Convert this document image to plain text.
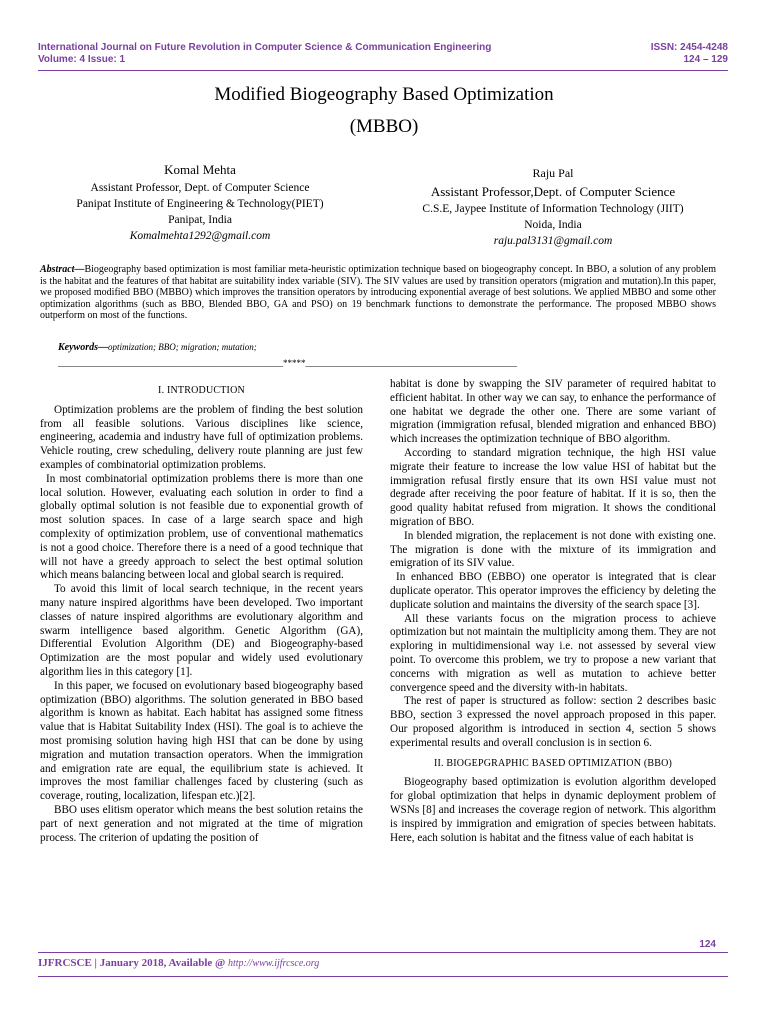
International Journal on Future Revolution in Computer Science & Communication Engineering
Volume: 4 Issue: 1
ISSN: 2454-4248
124 – 129
Modified Biogeography Based Optimization
(MBBO)
Komal Mehta
Assistant Professor, Dept. of Computer Science
Panipat Institute of Engineering & Technology(PIET)
Panipat, India
Komalmehta1292@gmail.com
Raju Pal
Assistant Professor,Dept. of Computer Science
C.S.E, Jaypee Institute of Information Technology (JIIT)
Noida, India
raju.pal3131@gmail.com
Abstract—Biogeography based optimization is most familiar meta-heuristic optimization technique based on biogeography concept. In BBO, a solution of any problem is the habitat and the features of that habitat are suitability index variable (SIV). The SIV values are used by transition operators (migration and mutation).In this paper, we proposed modified BBO (MBBO) which improves the transition operators by introducing exponential average of best solutions. We applied MBBO and some other optimization algorithms (such as BBO, Blended BBO, GA and PSO) on 19 benchmark functions to demonstrate the performance. The proposed MBBO shows outperform on most of the functions.
Keywords—optimization; BBO; migration; mutation;
__________________________________________________*****_______________________________________________

I. INTRODUCTION

Optimization problems are the problem of finding the best solution from all feasible solutions. Various disciplines like science, engineering, academia and industry have full of optimization problems. Vehicle routing, crew scheduling, delivery route planning are just few examples of combinatorial optimization problems.

In most combinatorial optimization problems there is more than one local solution. However, evaluating each solution in order to find a globally optimal solution is not feasible due to exponential growth of most solution spaces. In case of a large search space and high complexity of optimization problem, use of conventional mathematics is not a good choice. Therefore there is a need of a good technique that will not have a greedy approach to select the best optimal solution which means balancing between local and global search is required.

To avoid this limit of local search technique, in the recent years many nature inspired algorithms have been developed. Two important classes of nature inspired algorithms are evolutionary algorithm and swarm intelligence based algorithm. Genetic Algorithm (GA), Differential Evolution Algorithm (DE) and Biogeography-based Optimization are the most popular and widely used evolutionary algorithm lies in this category [1].

In this paper, we focused on evolutionary based biogeography based optimization (BBO) algorithms. The solution generated in BBO based algorithm is known as habitat. Each habitat has assigned some fitness value that is Habitat Suitability Index (HSI). The goal is to achieve the most promising solution having high HSI that can be done by using migration and mutation transaction operators. When the immigration and emigration rate are equal, the equilibrium state is achieved. It improves the most familiar challenges faced by clustering (such as coverage, routing, localization, lifespan etc.)[2].

BBO uses elitism operator which means the best solution retains the part of next generation and not migrated at the time of migration process. The criterion of updating the position of

habitat is done by swapping the SIV parameter of required habitat to efficient habitat. In other way we can say, to enhance the performance of one habitat we degrade the other one. There are some variant of migration (immigration refusal, blended migration and enhanced BBO) which increases the optimization technique of BBO algorithm.

According to standard migration technique, the high HSI value migrate their feature to increase the low value HSI of habitat but the immigration refusal firstly ensure that its own HSI value must not degrade after receiving the poor feature of habitat. If it is so, then the good quality habitat refused from migration. It shows the conditional migration of BBO.

In blended migration, the replacement is not done with existing one. The migration is done with the mixture of its immigration and emigration of its SIV value.

In enhanced BBO (EBBO) one operator is integrated that is clear duplicate operator. This operator improves the efficiency by deleting the duplicate solution and maintains the diversity of the search space [3].

All these variants focus on the migration process to achieve optimization but not maintain the multiplicity among them. They are not exploring in multidimensional way i.e. not assessed by several view point. To overcome this problem, we try to propose a new variant that concerns with migration as well as mutation to achieve better convergence speed and the diversity with-in habitats.

The rest of paper is structured as follow: section 2 describes basic BBO, section 3 expressed the novel approach proposed in this paper. Our proposed algorithm is introduced in section 4, section 5 shows experimental results and overall conclusion is in section 6.

II. BIOGEPGRAPHIC BASED OPTIMIZATION (BBO)

Biogeography based optimization is evolution algorithm developed for global optimization that helps in dynamic deployment problem of WSNs [8] and increases the coverage region of network. This algorithm is inspired by immigration and emigration of species between habitats. Here, each solution is habitat and the fitness value of each habitat is

124
IJFRCSCE | January 2018, Available @ http://www.ijfrcsce.org
